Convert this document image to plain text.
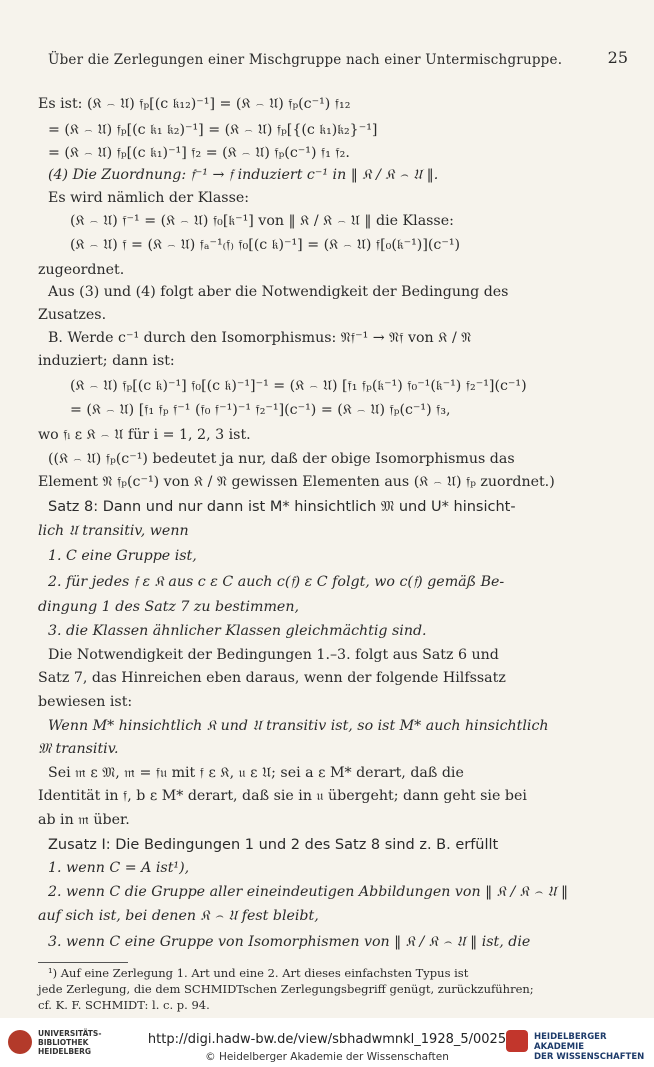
Über die Zerlegungen einer Mischgruppe nach einer Untermischgruppe.	25
Es ist: (𝔎 ⌢ 𝔘) 𝔣ₚ[(c 𝔨₁₂)⁻¹] = (𝔎 ⌢ 𝔘) 𝔣ₚ(c⁻¹) 𝔣₁₂
= (𝔎 ⌢ 𝔘) 𝔣ₚ[(c 𝔨₁ 𝔨₂)⁻¹] = (𝔎 ⌢ 𝔘) 𝔣ₚ[{(c 𝔨₁)𝔨₂}⁻¹]
= (𝔎 ⌢ 𝔘) 𝔣ₚ[(c 𝔨₁)⁻¹] 𝔣₂ = (𝔎 ⌢ 𝔘) 𝔣ₚ(c⁻¹) 𝔣₁ 𝔣₂.
(4) Die Zuordnung: 𝔣⁻¹ → 𝔣 induziert c⁻¹ in ‖ 𝔎 / 𝔎 ⌢ 𝔘 ‖.
Es wird nämlich der Klasse:
(𝔎 ⌢ 𝔘) 𝔣⁻¹ = (𝔎 ⌢ 𝔘) 𝔣₀[𝔨⁻¹] von ‖ 𝔎 / 𝔎 ⌢ 𝔘 ‖ die Klasse:
(𝔎 ⌢ 𝔘) 𝔣 = (𝔎 ⌢ 𝔘) 𝔣ₐ⁻¹₍𝔣₎ 𝔣₀[(c 𝔨)⁻¹] = (𝔎 ⌢ 𝔘) 𝔣[₀(𝔨⁻¹)](c⁻¹)
zugeordnet.
Aus (3) und (4) folgt aber die Notwendigkeit der Bedingung des
Zusatzes.
B. Werde c⁻¹ durch den Isomorphismus: 𝔑𝔣⁻¹ → 𝔑𝔣 von 𝔎 / 𝔑
induziert; dann ist:
(𝔎 ⌢ 𝔘) 𝔣ₚ[(c 𝔨)⁻¹] 𝔣₀[(c 𝔨)⁻¹]⁻¹ = (𝔎 ⌢ 𝔘) [𝔣₁ 𝔣ₚ(𝔨⁻¹) 𝔣₀⁻¹(𝔨⁻¹) 𝔣₂⁻¹](c⁻¹)
= (𝔎 ⌢ 𝔘) [𝔣₁ 𝔣ₚ 𝔣⁻¹ (𝔣₀ 𝔣⁻¹)⁻¹ 𝔣₂⁻¹](c⁻¹) = (𝔎 ⌢ 𝔘) 𝔣ₚ(c⁻¹) 𝔣₃,
wo 𝔣ᵢ ε 𝔎 ⌢ 𝔘 für i = 1, 2, 3 ist.
((𝔎 ⌢ 𝔘) 𝔣ₚ(c⁻¹) bedeutet ja nur, daß der obige Isomorphismus das
Element 𝔑 𝔣ₚ(c⁻¹) von 𝔎 / 𝔑 gewissen Elementen aus (𝔎 ⌢ 𝔘) 𝔣ₚ zuordnet.)
Satz 8: Dann und nur dann ist M* hinsichtlich 𝔐 und U* hinsicht-
lich 𝔘 transitiv, wenn
1. C eine Gruppe ist,
2. für jedes 𝔣 ε 𝔎 aus c ε C auch c(𝔣) ε C folgt, wo c(𝔣) gemäß Be-
dingung 1 des Satz 7 zu bestimmen,
3. die Klassen ähnlicher Klassen gleichmächtig sind.
Die Notwendigkeit der Bedingungen 1.–3. folgt aus Satz 6 und
Satz 7, das Hinreichen eben daraus, wenn der folgende Hilfssatz
bewiesen ist:
Wenn M* hinsichtlich 𝔎 und 𝔘 transitiv ist, so ist M* auch hinsichtlich
𝔐 transitiv.
Sei 𝔪 ε 𝔐, 𝔪 = 𝔣𝔲 mit 𝔣 ε 𝔎, 𝔲 ε 𝔘; sei a ε M* derart, daß die
Identität in 𝔣, b ε M* derart, daß sie in 𝔲 übergeht; dann geht sie bei
ab in 𝔪 über.
Zusatz I: Die Bedingungen 1 und 2 des Satz 8 sind z. B. erfüllt
1. wenn C = A ist¹),
2. wenn C die Gruppe aller eineindeutigen Abbildungen von ‖ 𝔎 / 𝔎 ⌢ 𝔘 ‖
auf sich ist, bei denen 𝔎 ⌢ 𝔘 fest bleibt,
3. wenn C eine Gruppe von Isomorphismen von ‖ 𝔎 / 𝔎 ⌢ 𝔘 ‖ ist, die
¹) Auf eine Zerlegung 1. Art und eine 2. Art dieses einfachsten Typus ist
jede Zerlegung, die dem SCHMIDTschen Zerlegungsbegriff genügt, zurückzuführen;
cf. K. F. SCHMIDT: l. c. p. 94.
UNIVERSITÄTS-
BIBLIOTHEK
HEIDELBERG
http://digi.hadw-bw.de/view/sbhadwmnkl_1928_5/0025
© Heidelberger Akademie der Wissenschaften
HEIDELBERGER AKADEMIE
DER WISSENSCHAFTEN
